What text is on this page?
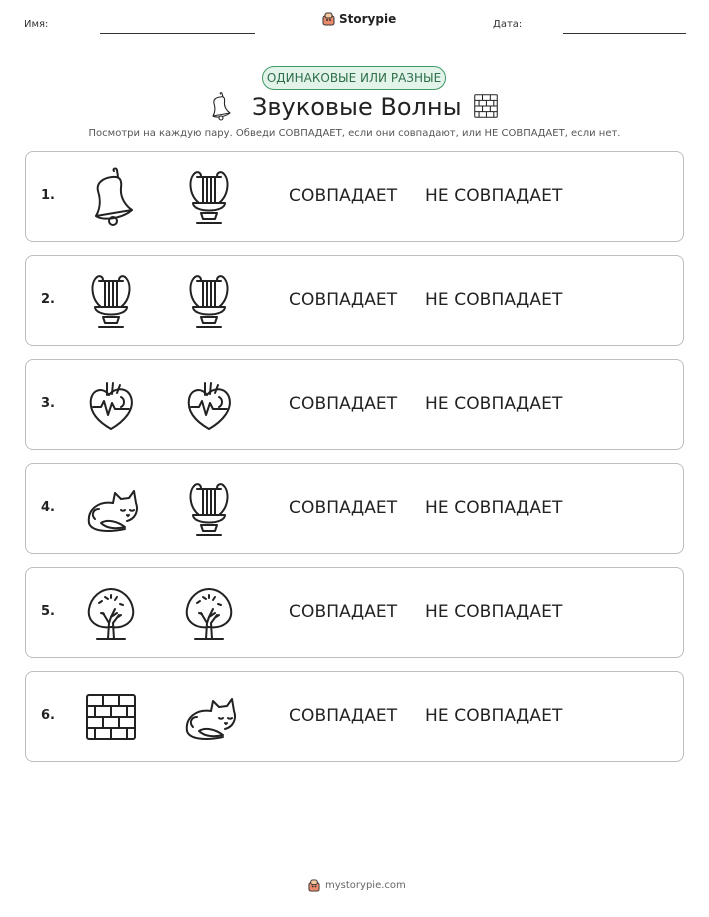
Имя:	Storypie	Дата:
ОДИНАКОВЫЕ ИЛИ РАЗНЫЕ
Звуковые Волны
Посмотри на каждую пару. Обведи СОВПАДАЕТ, если они совпадают, или НЕ СОВПАДАЕТ, если нет.
1.	СОВПАДАЕТ НЕ СОВПАДАЕТ
2.	СОВПАДАЕТ НЕ СОВПАДАЕТ
3.	СОВПАДАЕТ НЕ СОВПАДАЕТ
4.	СОВПАДАЕТ НЕ СОВПАДАЕТ
5.	СОВПАДАЕТ НЕ СОВПАДАЕТ
6.	СОВПАДАЕТ НЕ СОВПАДАЕТ
mystorypie.com
